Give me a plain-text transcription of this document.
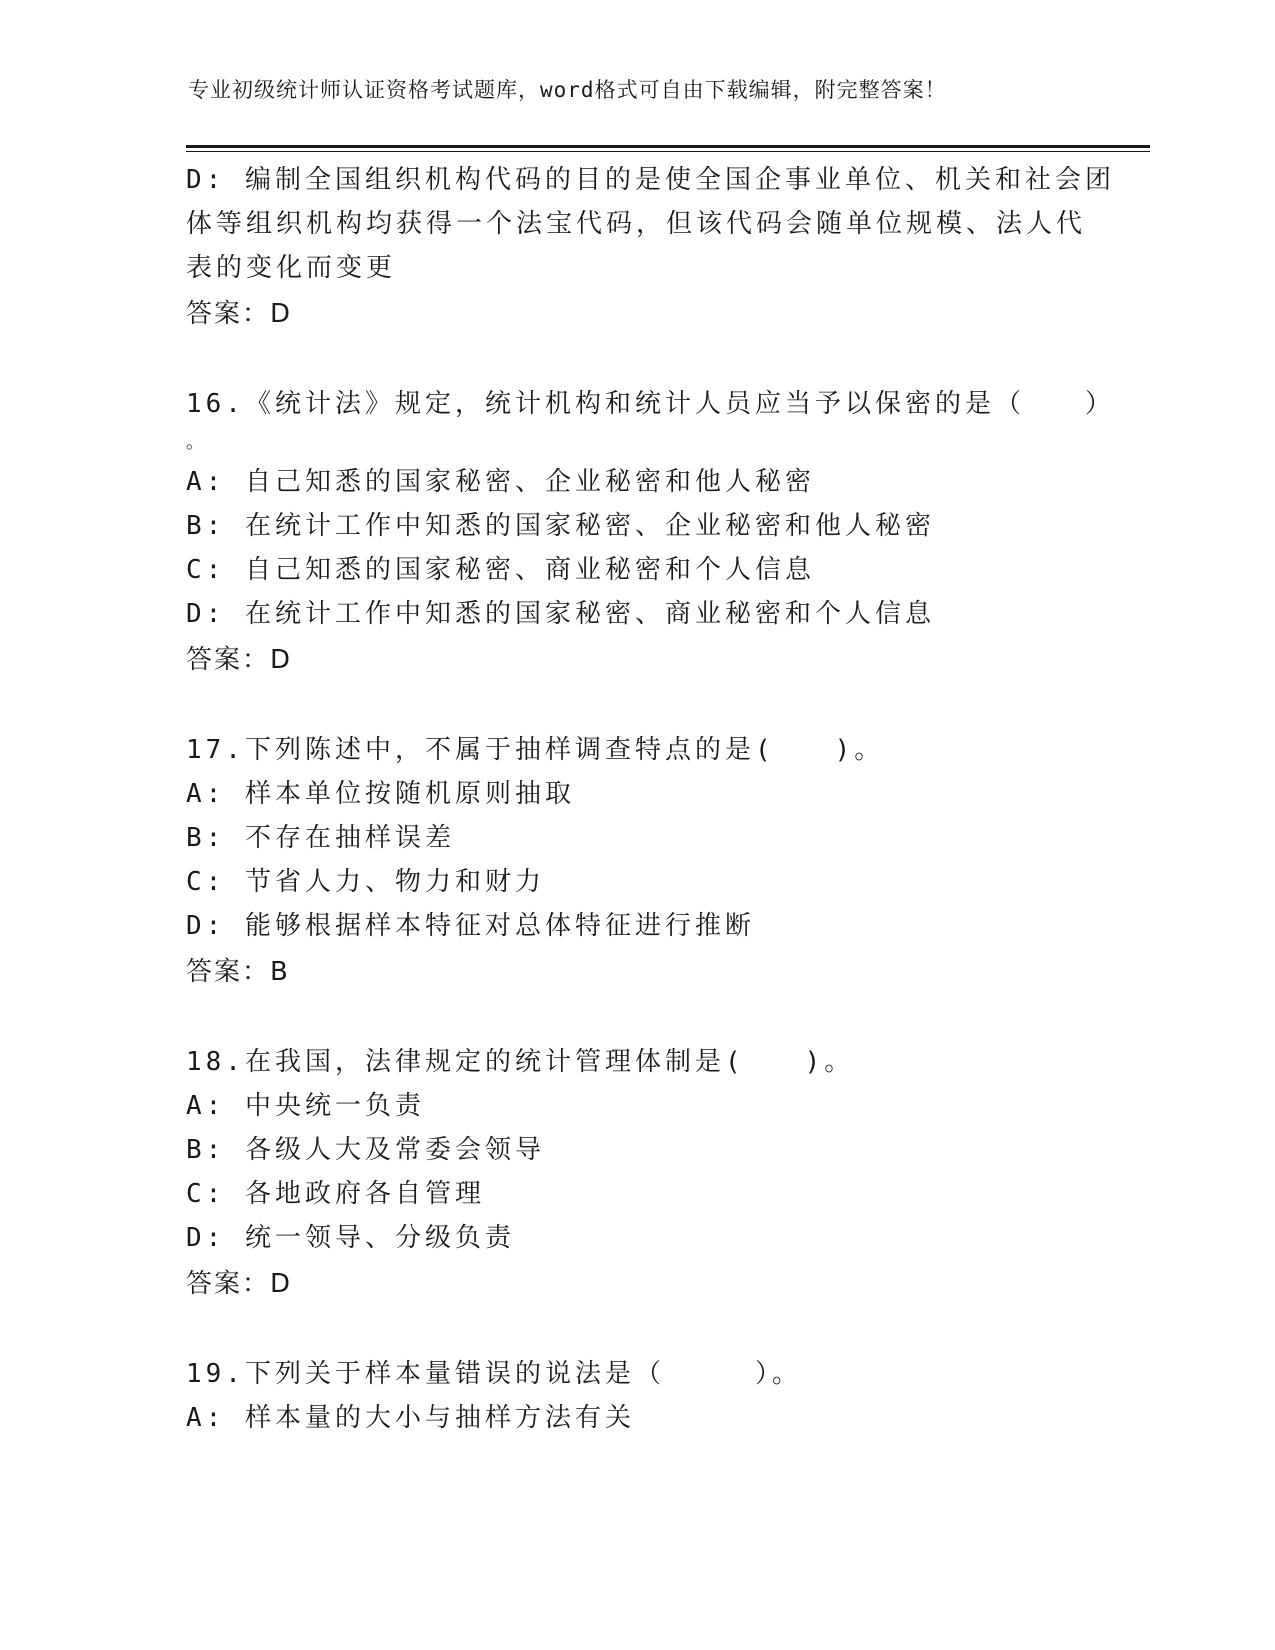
专业初级统计师认证资格考试题库，word格式可自由下载编辑，附完整答案！
D: 编制全国组织机构代码的目的是使全国企事业单位、机关和社会团
体等组织机构均获得一个法宝代码，但该代码会随单位规模、法人代
表的变化而变更
答案：D
16.《统计法》规定，统计机构和统计人员应当予以保密的是（　　）
。
A: 自己知悉的国家秘密、企业秘密和他人秘密
B: 在统计工作中知悉的国家秘密、企业秘密和他人秘密
C: 自己知悉的国家秘密、商业秘密和个人信息
D: 在统计工作中知悉的国家秘密、商业秘密和个人信息
答案：D
17.下列陈述中，不属于抽样调查特点的是(　　)。
A: 样本单位按随机原则抽取
B: 不存在抽样误差
C: 节省人力、物力和财力
D: 能够根据样本特征对总体特征进行推断
答案：B
18.在我国，法律规定的统计管理体制是(　　)。
A: 中央统一负责
B: 各级人大及常委会领导
C: 各地政府各自管理
D: 统一领导、分级负责
答案：D
19.下列关于样本量错误的说法是（　　　）。
A: 样本量的大小与抽样方法有关
